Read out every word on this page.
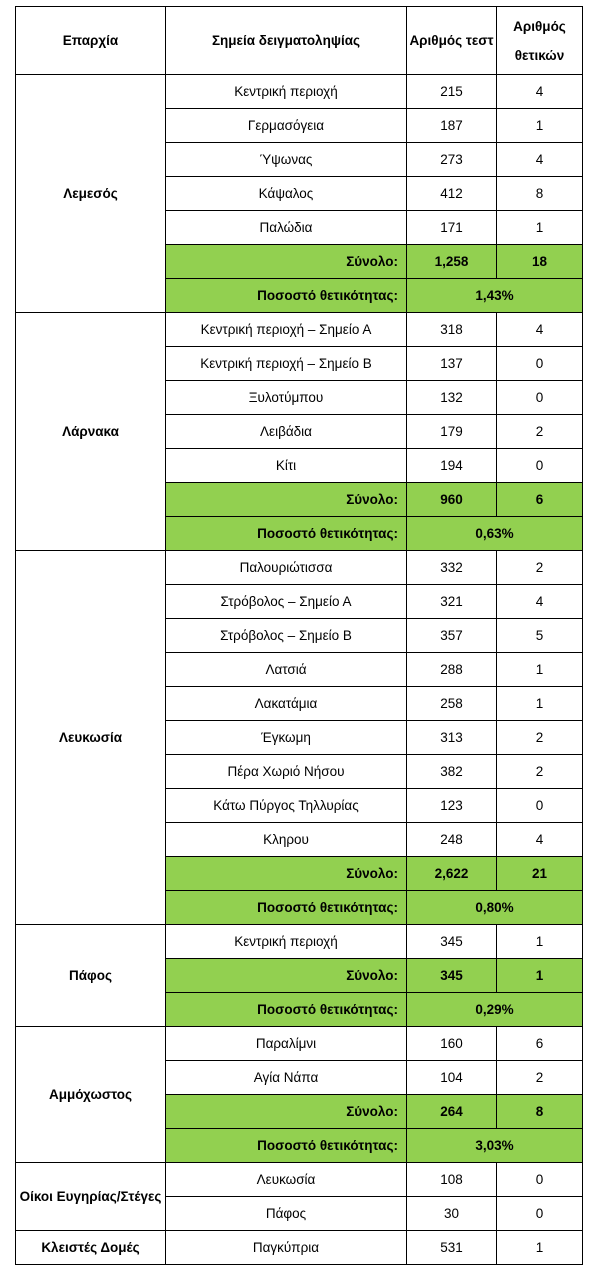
Επαρχία	Σημεία δειγματοληψίας	Αριθμός τεστ	Αριθμός θετικών
Λεμεσός	Κεντρική περιοχή	215	4
	Γερμασόγεια	187	1
	Ύψωνας	273	4
	Κάψαλος	412	8
	Παλώδια	171	1
	Σύνολο:	1,258	18
	Ποσοστό θετικότητας:	1,43%	
Λάρνακα	Κεντρική περιοχή – Σημείο Α	318	4
	Κεντρική περιοχή – Σημείο Β	137	0
	Ξυλοτύμπου	132	0
	Λειβάδια	179	2
	Κίτι	194	0
	Σύνολο:	960	6
	Ποσοστό θετικότητας:	0,63%	
Λευκωσία	Παλουριώτισσα	332	2
	Στρόβολος – Σημείο Α	321	4
	Στρόβολος – Σημείο Β	357	5
	Λατσιά	288	1
	Λακατάμια	258	1
	Έγκωμη	313	2
	Πέρα Χωριό Νήσου	382	2
	Κάτω Πύργος Τηλλυρίας	123	0
	Κληρου	248	4
	Σύνολο:	2,622	21
	Ποσοστό θετικότητας:	0,80%	
Πάφος	Κεντρική περιοχή	345	1
	Σύνολο:	345	1
	Ποσοστό θετικότητας:	0,29%	
Αμμόχωστος	Παραλίμνι	160	6
	Αγία Νάπα	104	2
	Σύνολο:	264	8
	Ποσοστό θετικότητας:	3,03%	
Οίκοι Ευγηρίας/Στέγες	Λευκωσία	108	0
	Πάφος	30	0
Κλειστές Δομές	Παγκύπρια	531	1
